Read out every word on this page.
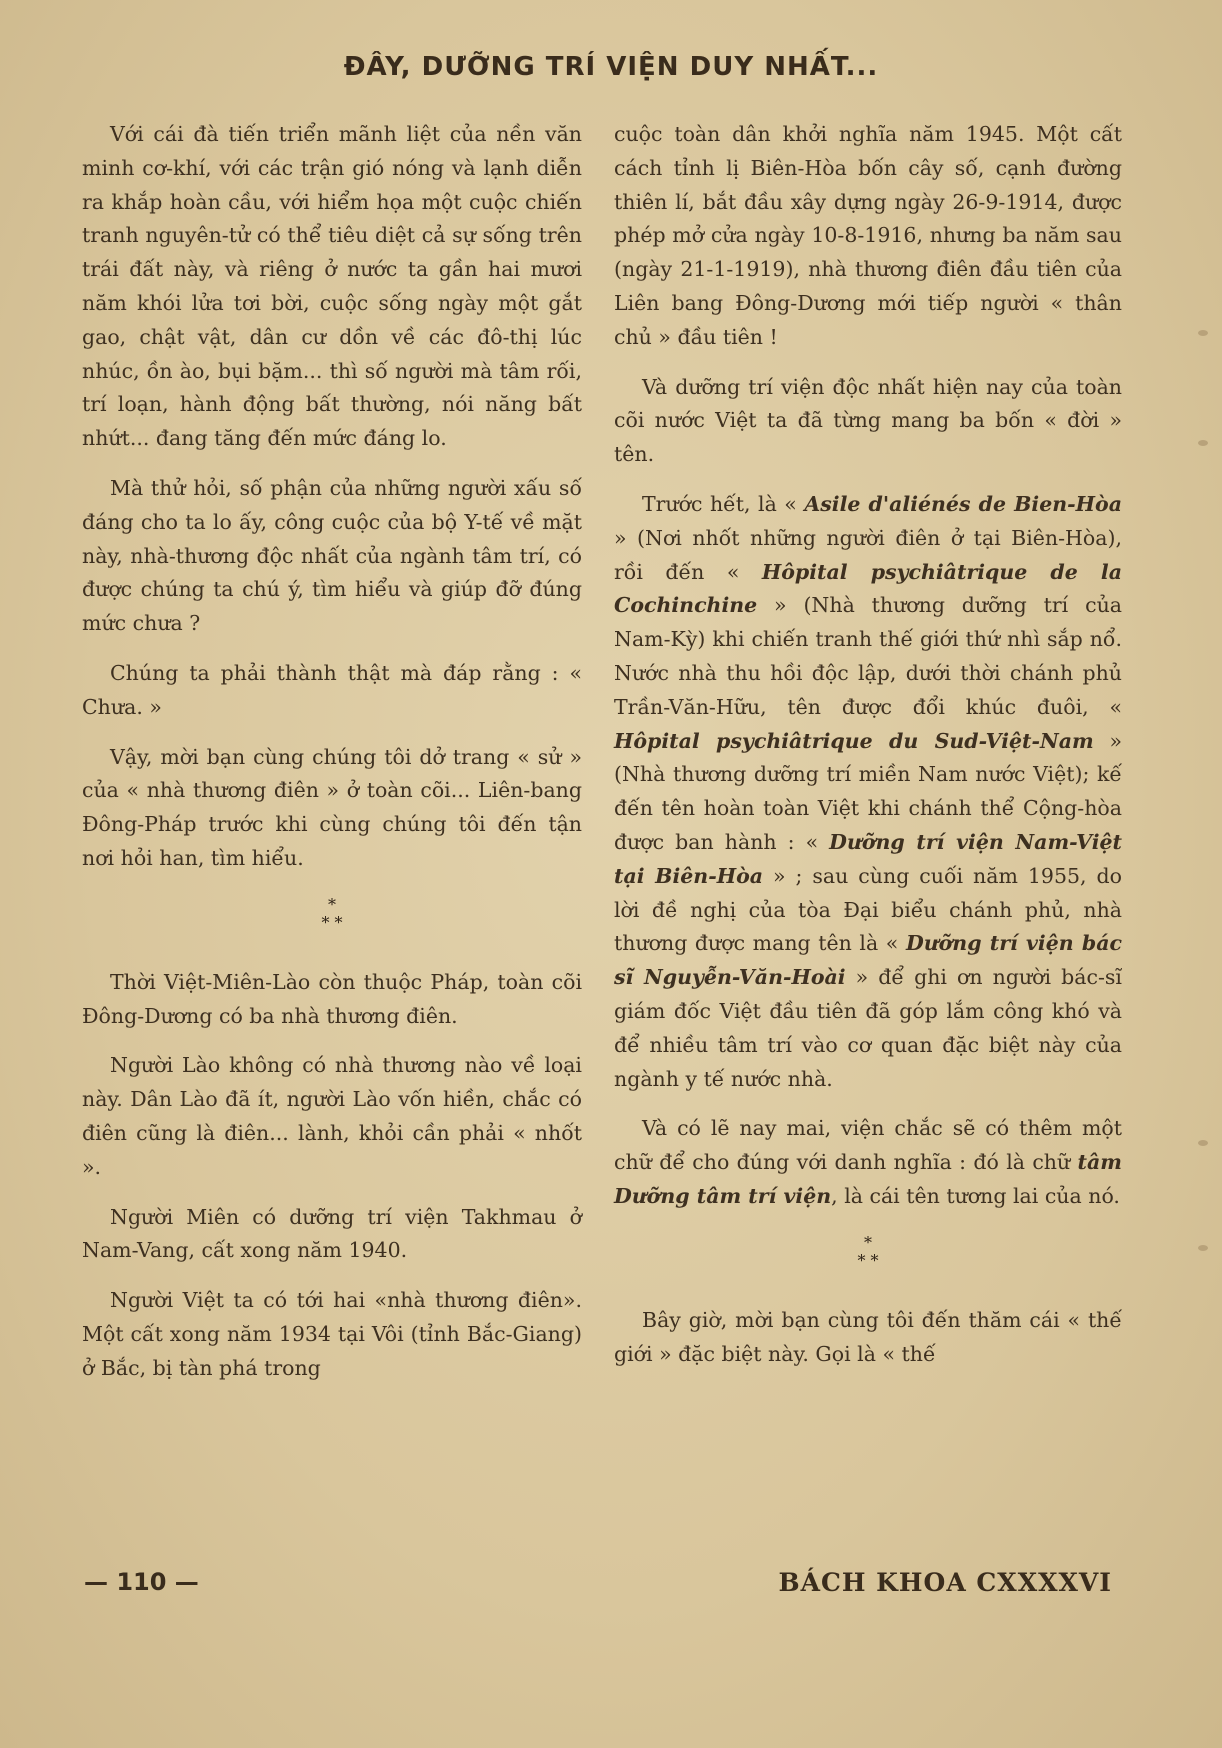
ĐÂY, DƯỠNG TRÍ VIỆN DUY NHẤT...

Với cái đà tiến triển mãnh liệt của nền văn minh cơ-khí, với các trận gió nóng và lạnh diễn ra khắp hoàn cầu, với hiểm họa một cuộc chiến tranh nguyên-tử có thể tiêu diệt cả sự sống trên trái đất này, và riêng ở nước ta gần hai mươi năm khói lửa tơi bời, cuộc sống ngày một gắt gao, chật vật, dân cư dồn về các đô-thị lúc nhúc, ồn ào, bụi bặm... thì số người mà tâm rối, trí loạn, hành động bất thường, nói năng bất nhứt... đang tăng đến mức đáng lo.

Mà thử hỏi, số phận của những người xấu số đáng cho ta lo ấy, công cuộc của bộ Y-tế về mặt này, nhà-thương độc nhất của ngành tâm trí, có được chúng ta chú ý, tìm hiểu và giúp đỡ đúng mức chưa ?

Chúng ta phải thành thật mà đáp rằng : « Chưa. »

Vậy, mời bạn cùng chúng tôi dở trang « sử » của « nhà thương điên » ở toàn cõi... Liên-bang Đông-Pháp trước khi cùng chúng tôi đến tận nơi hỏi han, tìm hiểu.

*
* *

Thời Việt-Miên-Lào còn thuộc Pháp, toàn cõi Đông-Dương có ba nhà thương điên.

Người Lào không có nhà thương nào về loại này. Dân Lào đã ít, người Lào vốn hiền, chắc có điên cũng là điên... lành, khỏi cần phải « nhốt ».

Người Miên có dưỡng trí viện Takhmau ở Nam-Vang, cất xong năm 1940.

Người Việt ta có tới hai «nhà thương điên». Một cất xong năm 1934 tại Vôi (tỉnh Bắc-Giang) ở Bắc, bị tàn phá trong

cuộc toàn dân khởi nghĩa năm 1945. Một cất cách tỉnh lị Biên-Hòa bốn cây số, cạnh đường thiên lí, bắt đầu xây dựng ngày 26-9-1914, được phép mở cửa ngày 10-8-1916, nhưng ba năm sau (ngày 21-1-1919), nhà thương điên đầu tiên của Liên bang Đông-Dương mới tiếp người « thân chủ » đầu tiên !

Và dưỡng trí viện độc nhất hiện nay của toàn cõi nước Việt ta đã từng mang ba bốn « đời » tên.

Trước hết, là « Asile d'aliénés de Bien-Hòa » (Nơi nhốt những người điên ở tại Biên-Hòa), rồi đến « Hôpital psychiâtrique de la Cochinchine » (Nhà thương dưỡng trí của Nam-Kỳ) khi chiến tranh thế giới thứ nhì sắp nổ. Nước nhà thu hồi độc lập, dưới thời chánh phủ Trần-Văn-Hữu, tên được đổi khúc đuôi, « Hôpital psychiâtrique du Sud-Việt-Nam » (Nhà thương dưỡng trí miền Nam nước Việt); kế đến tên hoàn toàn Việt khi chánh thể Cộng-hòa được ban hành : « Dưỡng trí viện Nam-Việt tại Biên-Hòa » ; sau cùng cuối năm 1955, do lời đề nghị của tòa Đại biểu chánh phủ, nhà thương được mang tên là « Dưỡng trí viện bác sĩ Nguyễn-Văn-Hoài » để ghi ơn người bác-sĩ giám đốc Việt đầu tiên đã góp lắm công khó và để nhiều tâm trí vào cơ quan đặc biệt này của ngành y tế nước nhà.

Và có lẽ nay mai, viện chắc sẽ có thêm một chữ để cho đúng với danh nghĩa : đó là chữ tâm Dưỡng tâm trí viện, là cái tên tương lai của nó.

*
* *

Bây giờ, mời bạn cùng tôi đến thăm cái « thế giới » đặc biệt này. Gọi là « thế

— 110 —	BÁCH KHOA CXXXXVI
